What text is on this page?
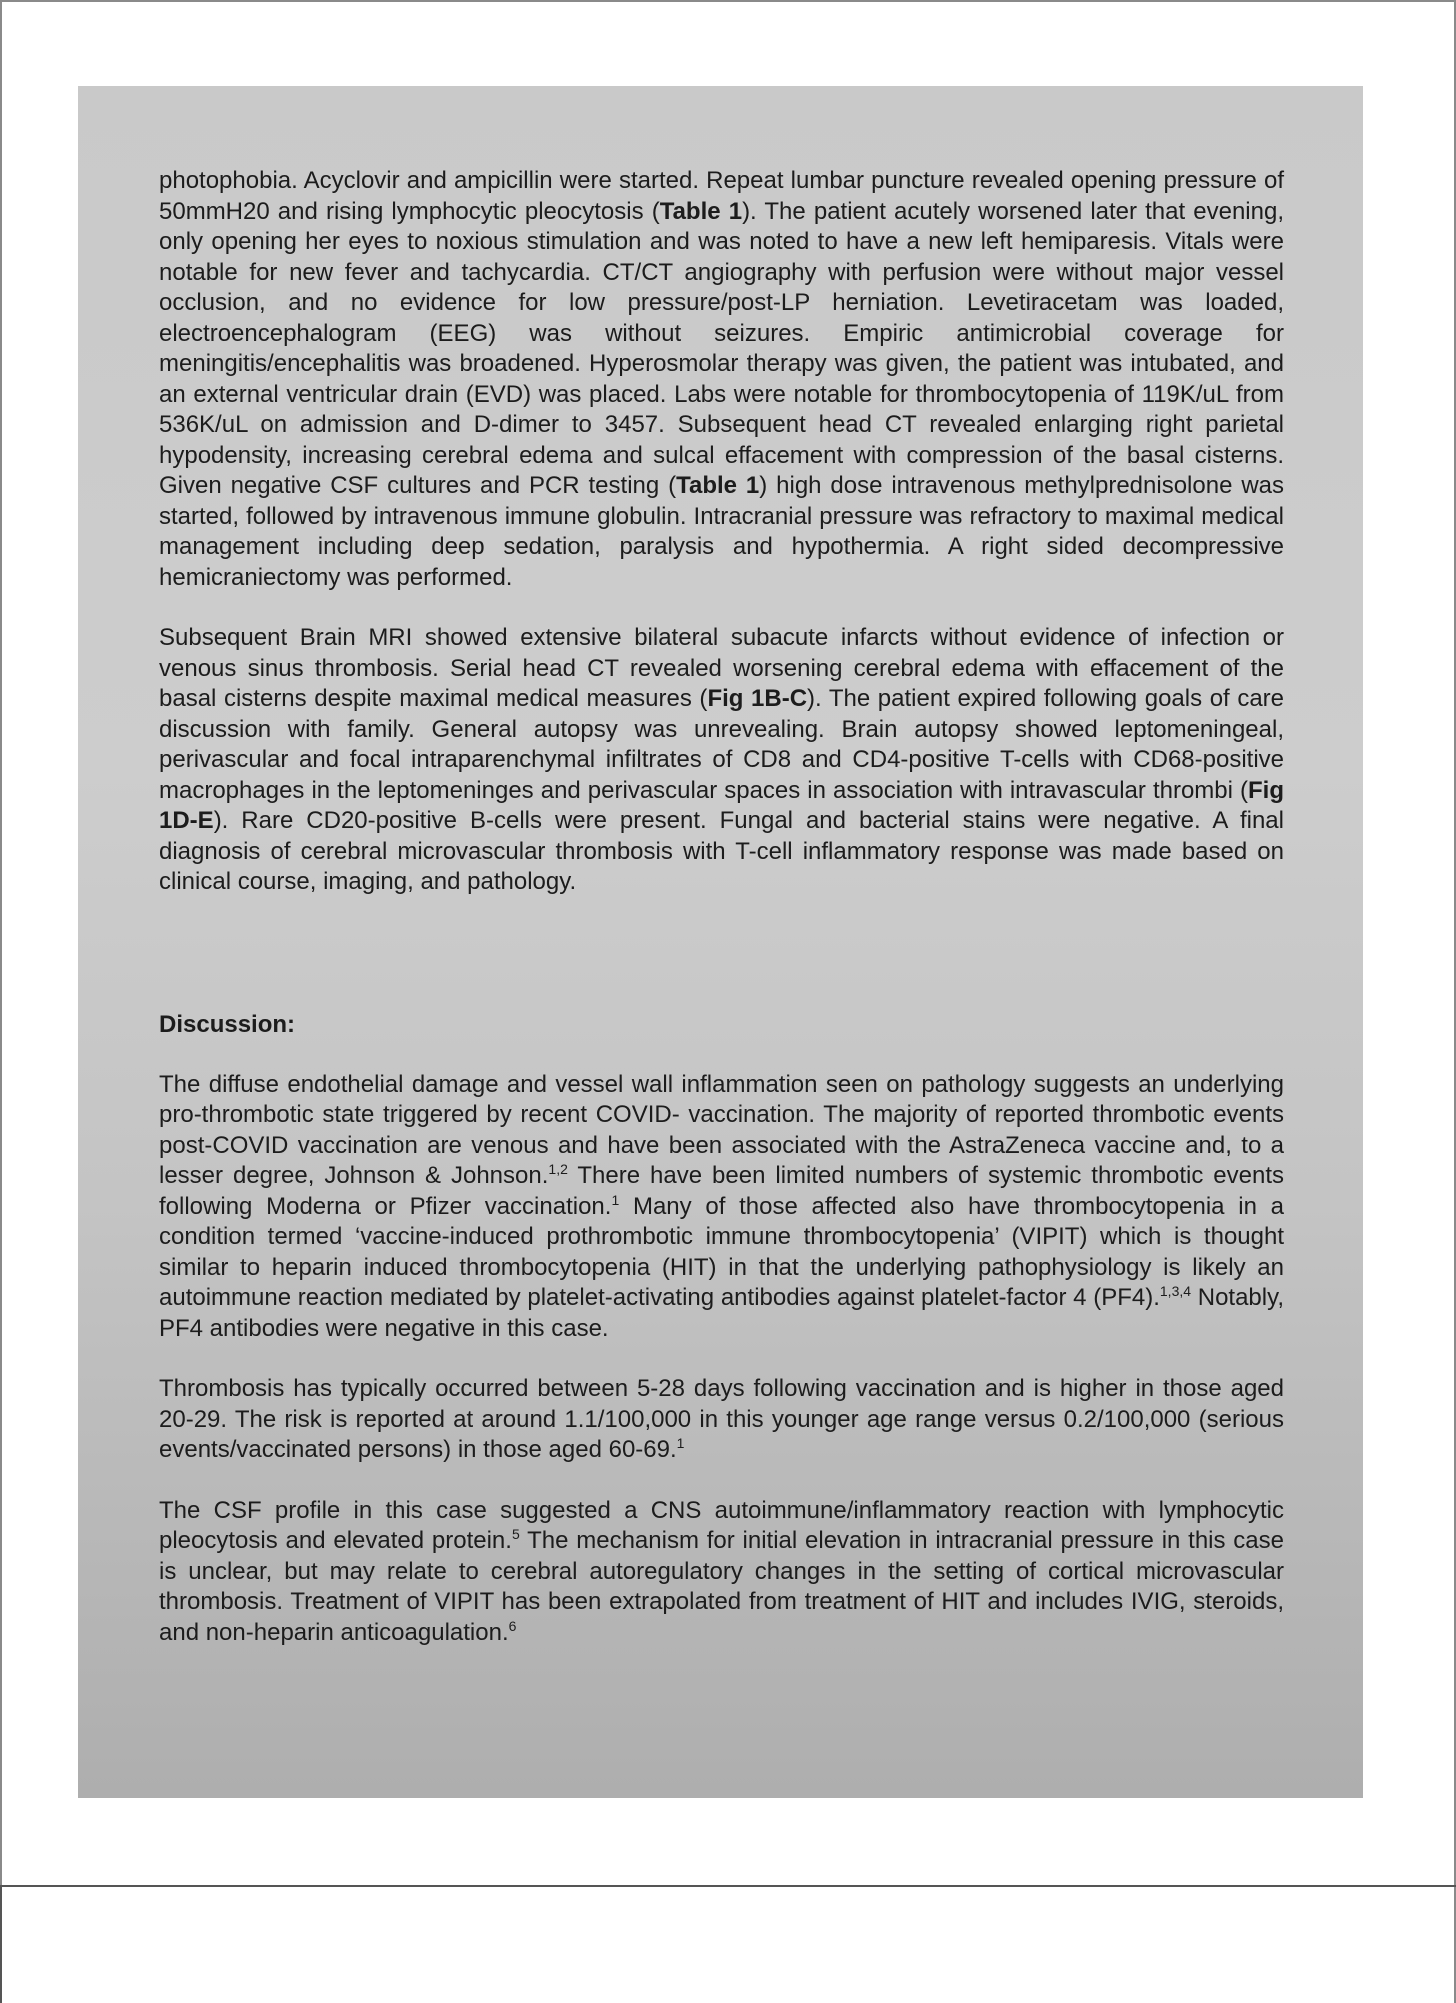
photophobia. Acyclovir and ampicillin were started. Repeat lumbar puncture revealed opening pressure of 50mmH20 and rising lymphocytic pleocytosis (Table 1). The patient acutely worsened later that evening, only opening her eyes to noxious stimulation and was noted to have a new left hemiparesis. Vitals were notable for new fever and tachycardia. CT/CT angiography with perfusion were without major vessel occlusion, and no evidence for low pressure/post-LP herniation. Levetiracetam was loaded, electroencephalogram (EEG) was without seizures. Empiric antimicrobial coverage for meningitis/encephalitis was broadened. Hyperosmolar therapy was given, the patient was intubated, and an external ventricular drain (EVD) was placed. Labs were notable for thrombocytopenia of 119K/uL from 536K/uL on admission and D-dimer to 3457. Subsequent head CT revealed enlarging right parietal hypodensity, increasing cerebral edema and sulcal effacement with compression of the basal cisterns. Given negative CSF cultures and PCR testing (Table 1) high dose intravenous methylprednisolone was started, followed by intravenous immune globulin. Intracranial pressure was refractory to maximal medical management including deep sedation, paralysis and hypothermia. A right sided decompressive hemicraniectomy was performed.

Subsequent Brain MRI showed extensive bilateral subacute infarcts without evidence of infection or venous sinus thrombosis. Serial head CT revealed worsening cerebral edema with effacement of the basal cisterns despite maximal medical measures (Fig 1B-C). The patient expired following goals of care discussion with family. General autopsy was unrevealing. Brain autopsy showed leptomeningeal, perivascular and focal intraparenchymal infiltrates of CD8 and CD4-positive T-cells with CD68-positive macrophages in the leptomeninges and perivascular spaces in association with intravascular thrombi (Fig 1D-E). Rare CD20-positive B-cells were present. Fungal and bacterial stains were negative. A final diagnosis of cerebral microvascular thrombosis with T-cell inflammatory response was made based on clinical course, imaging, and pathology.

Discussion:

The diffuse endothelial damage and vessel wall inflammation seen on pathology suggests an underlying pro-thrombotic state triggered by recent COVID- vaccination. The majority of reported thrombotic events post-COVID vaccination are venous and have been associated with the AstraZeneca vaccine and, to a lesser degree, Johnson & Johnson.$^{1,2}$ There have been limited numbers of systemic thrombotic events following Moderna or Pfizer vaccination.$^1$ Many of those affected also have thrombocytopenia in a condition termed ‘vaccine-induced prothrombotic immune thrombocytopenia’ (VIPIT) which is thought similar to heparin induced thrombocytopenia (HIT) in that the underlying pathophysiology is likely an autoimmune reaction mediated by platelet-activating antibodies against platelet-factor 4 (PF4).$^{1,3,4}$ Notably, PF4 antibodies were negative in this case.

Thrombosis has typically occurred between 5-28 days following vaccination and is higher in those aged 20-29. The risk is reported at around 1.1/100,000 in this younger age range versus 0.2/100,000 (serious events/vaccinated persons) in those aged 60-69.$^1$

The CSF profile in this case suggested a CNS autoimmune/inflammatory reaction with lymphocytic pleocytosis and elevated protein.$^5$ The mechanism for initial elevation in intracranial pressure in this case is unclear, but may relate to cerebral autoregulatory changes in the setting of cortical microvascular thrombosis. Treatment of VIPIT has been extrapolated from treatment of HIT and includes IVIG, steroids, and non-heparin anticoagulation.$^6$
